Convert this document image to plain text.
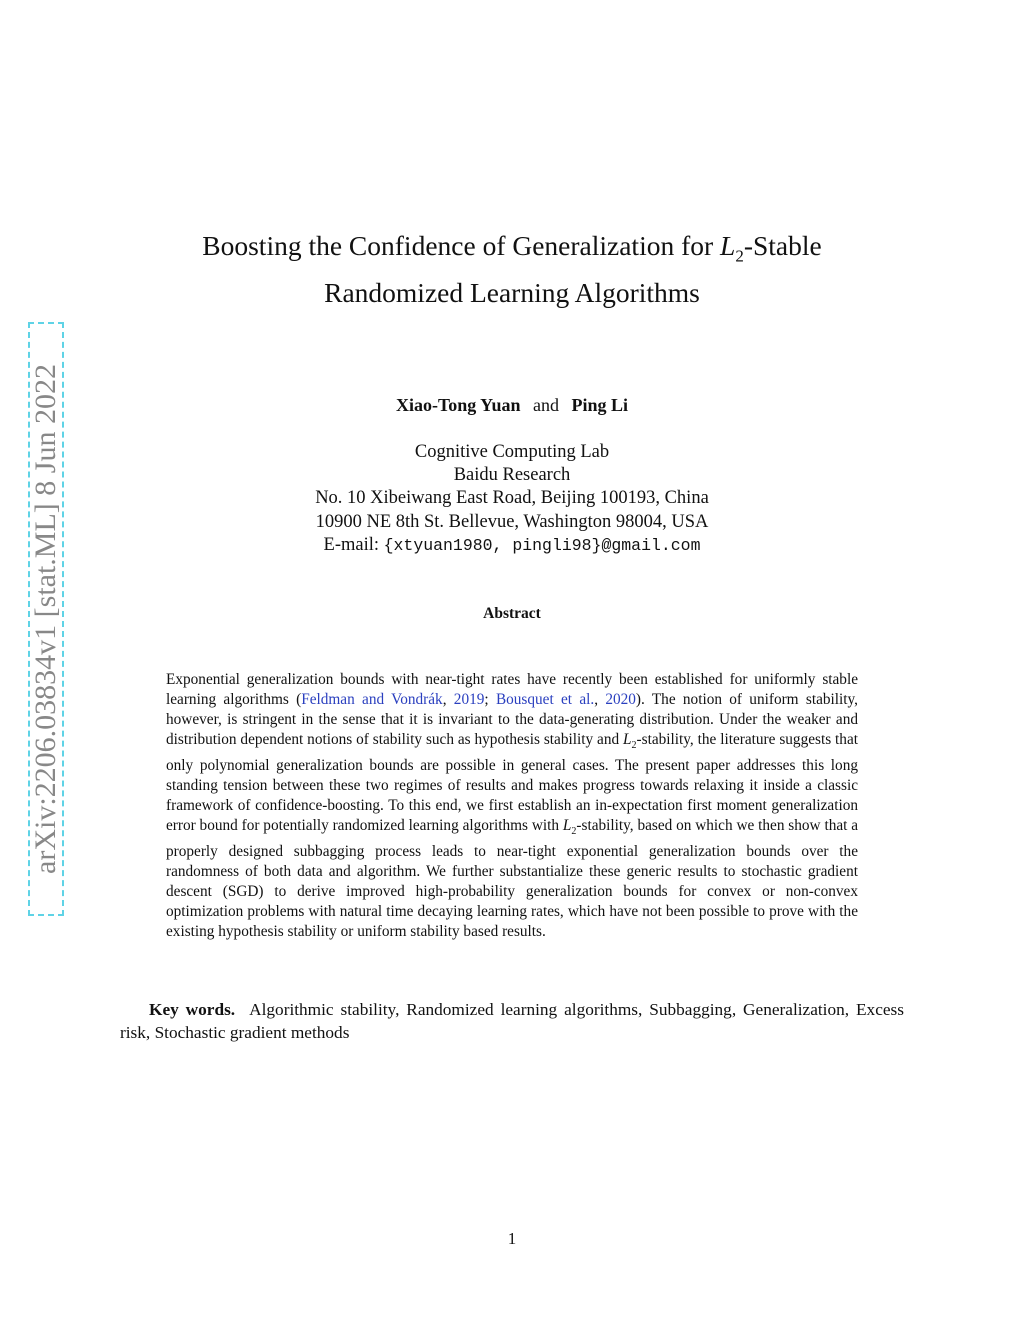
arXiv:2206.03834v1 [stat.ML] 8 Jun 2022
Boosting the Confidence of Generalization for $L_2$-Stable
Randomized Learning Algorithms
Xiao-Tong Yuan and Ping Li
Cognitive Computing Lab
Baidu Research
No. 10 Xibeiwang East Road, Beijing 100193, China
10900 NE 8th St. Bellevue, Washington 98004, USA
E-mail: {xtyuan1980, pingli98}@gmail.com
Abstract

Exponential generalization bounds with near-tight rates have recently been established for uniformly stable learning algorithms (Feldman and Vondrák, 2019; Bousquet et al., 2020). The notion of uniform stability, however, is stringent in the sense that it is invariant to the data-generating distribution. Under the weaker and distribution dependent notions of stability such as hypothesis stability and $L_2$-stability, the literature suggests that only polynomial generalization bounds are possible in general cases. The present paper addresses this long standing tension between these two regimes of results and makes progress towards relaxing it inside a classic framework of confidence-boosting. To this end, we first establish an in-expectation first moment generalization error bound for potentially randomized learning algorithms with $L_2$-stability, based on which we then show that a properly designed subbagging process leads to near-tight exponential generalization bounds over the randomness of both data and algorithm. We further substantialize these generic results to stochastic gradient descent (SGD) to derive improved high-probability generalization bounds for convex or non-convex optimization problems with natural time decaying learning rates, which have not been possible to prove with the existing hypothesis stability or uniform stability based results.

Key words. Algorithmic stability, Randomized learning algorithms, Subbagging, Generalization, Excess risk, Stochastic gradient methods

1
